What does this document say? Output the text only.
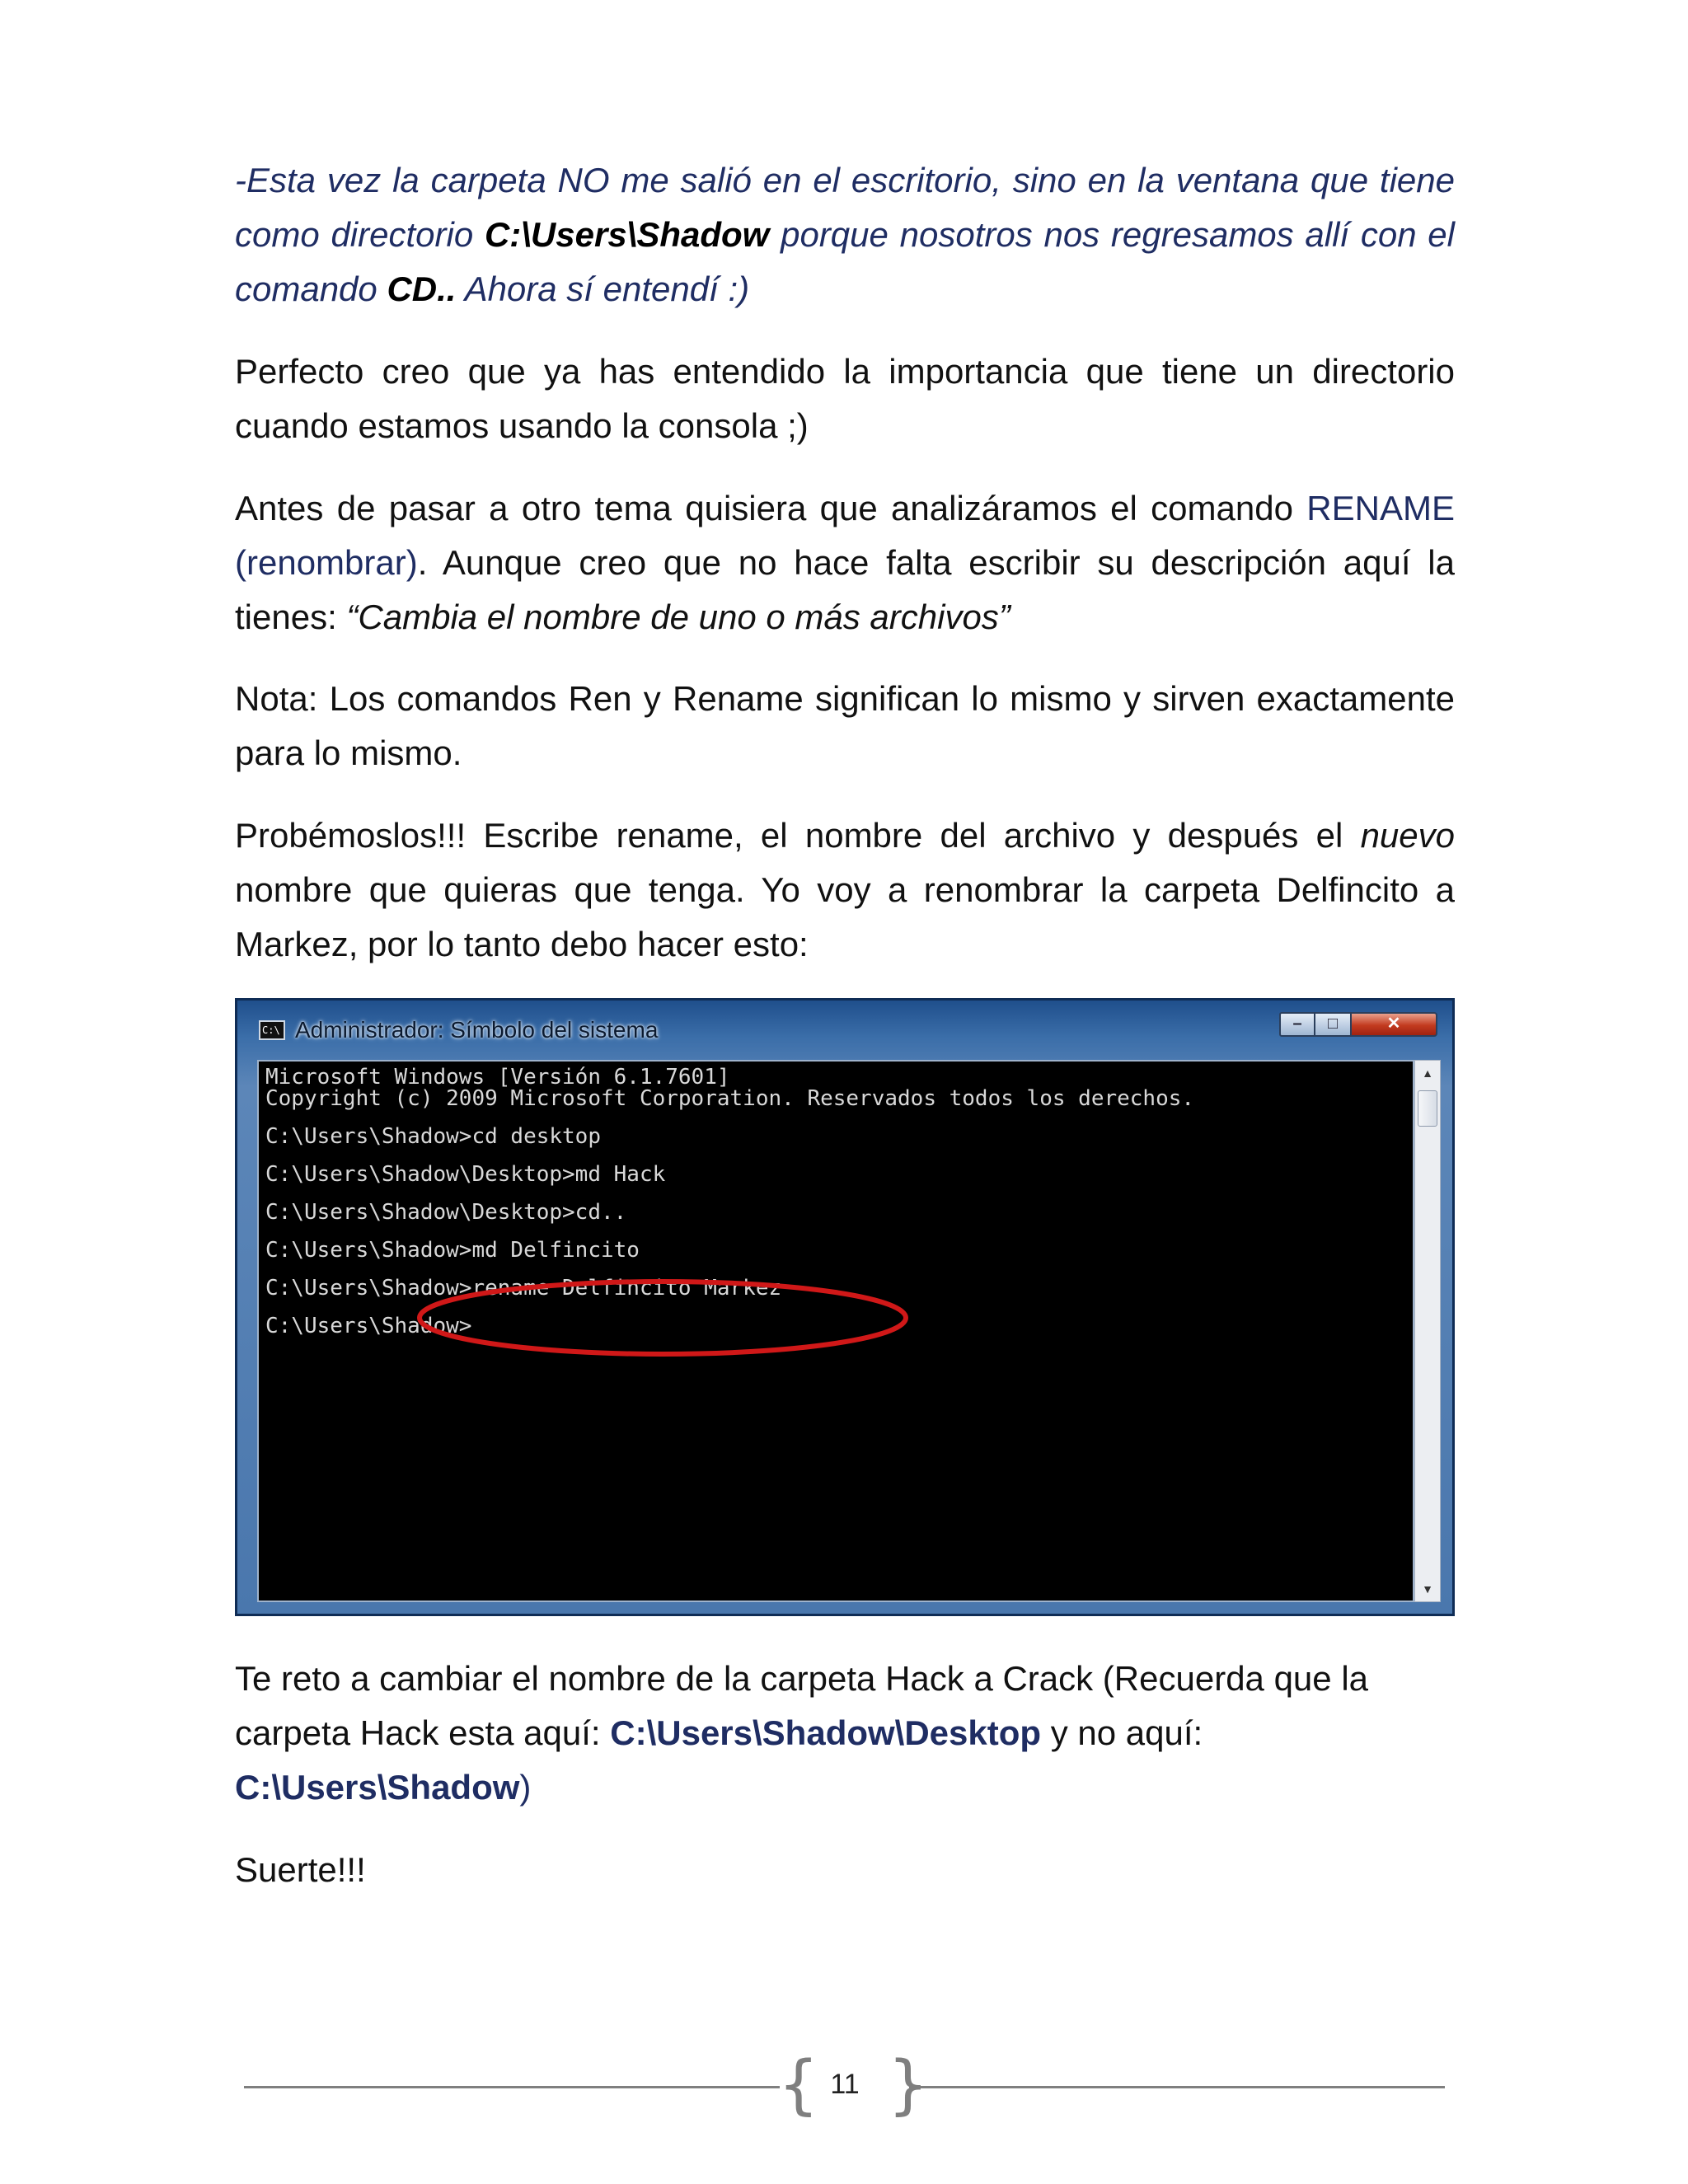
-Esta vez la carpeta NO me salió en el escritorio, sino en la ventana que tiene como directorio C:\Users\Shadow porque nosotros nos regresamos allí con el comando CD.. Ahora sí entendí :)

Perfecto creo que ya has entendido la importancia que tiene un directorio cuando estamos usando la consola ;)

Antes de pasar a otro tema quisiera que analizáramos el comando RENAME (renombrar). Aunque creo que no hace falta escribir su descripción aquí la tienes: “Cambia el nombre de uno o más archivos”

Nota: Los comandos Ren y Rename significan lo mismo y sirven exactamente para lo mismo.

Probémoslos!!! Escribe rename, el nombre del archivo y después el nuevo nombre que quieras que tenga. Yo voy a renombrar la carpeta Delfincito a Markez, por lo tanto debo hacer esto:

C:\ Administrador: Símbolo del sistema	–	□	✕
Microsoft Windows [Versión 6.1.7601]
Copyright (c) 2009 Microsoft Corporation. Reservados todos los derechos.
C:\Users\Shadow>cd desktop
C:\Users\Shadow\Desktop>md Hack
C:\Users\Shadow\Desktop>cd..
C:\Users\Shadow>md Delfincito
C:\Users\Shadow>rename Delfincito Markez
C:\Users\Shadow>
▲
▼

Te reto a cambiar el nombre de la carpeta Hack a Crack (Recuerda que la carpeta Hack esta aquí: C:\Users\Shadow\Desktop y no aquí: C:\Users\Shadow)

Suerte!!!

{ }
11
